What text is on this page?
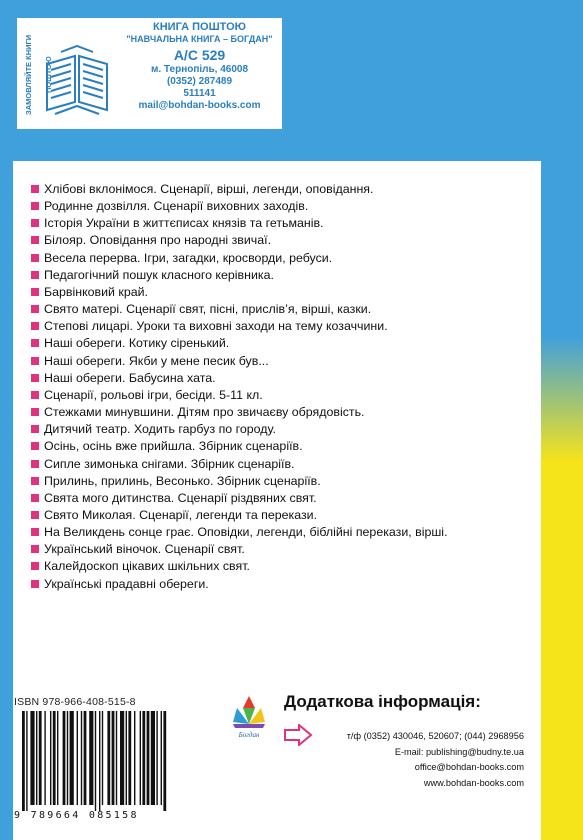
ЗАМОВЛЯЙТЕ КНИГИ ПОШТОЮ
КНИГА ПОШТОЮ
"НАВЧАЛЬНА КНИГА – БОГДАН"
А/С 529
м. Тернопіль, 46008
(0352) 287489
511141
mail@bohdan-books.com
Хлібові вклонімося. Сценарії, вірші, легенди, оповідання.
Родинне дозвілля. Сценарії виховних заходів.
Історія України в життєписах князів та гетьманів.
Білояр. Оповідання про народні звичаї.
Весела перерва. Ігри, загадки, кросворди, ребуси.
Педагогічний пошук класного керівника.
Барвінковий край.
Свято матері. Сценарії свят, пісні, прислів’я, вірші, казки.
Степові лицарі. Уроки та виховні заходи на тему козаччини.
Наші обереги. Котику сіренький.
Наші обереги. Якби у мене песик був...
Наші обереги. Бабусина хата.
Сценарії, рольові ігри, бесіди. 5-11 кл.
Стежками минувшини. Дітям про звичаєву обрядовість.
Дитячий театр. Ходить гарбуз по городу.
Осінь, осінь вже прийшла. Збірник сценаріїв.
Сипле зимонька снігами. Збірник сценаріїв.
Прилинь, прилинь, Весонько. Збірник сценаріїв.
Свята мого дитинства. Сценарії різдвяних свят.
Свято Миколая. Сценарії, легенди та перекази.
На Великдень сонце грає. Оповідки, легенди, біблійні перекази, вірші.
Український віночок. Сценарії свят.
Калейдоскоп цікавих шкільних свят.
Українські прадавні обереги.
ISBN 978-966-408-515-8
9 789664 085158
Богдан
Додаткова інформація:
т/ф (0352) 430046, 520607; (044) 2968956
E-mail: publishing@budny.te.ua
office@bohdan-books.com
www.bohdan-books.com
